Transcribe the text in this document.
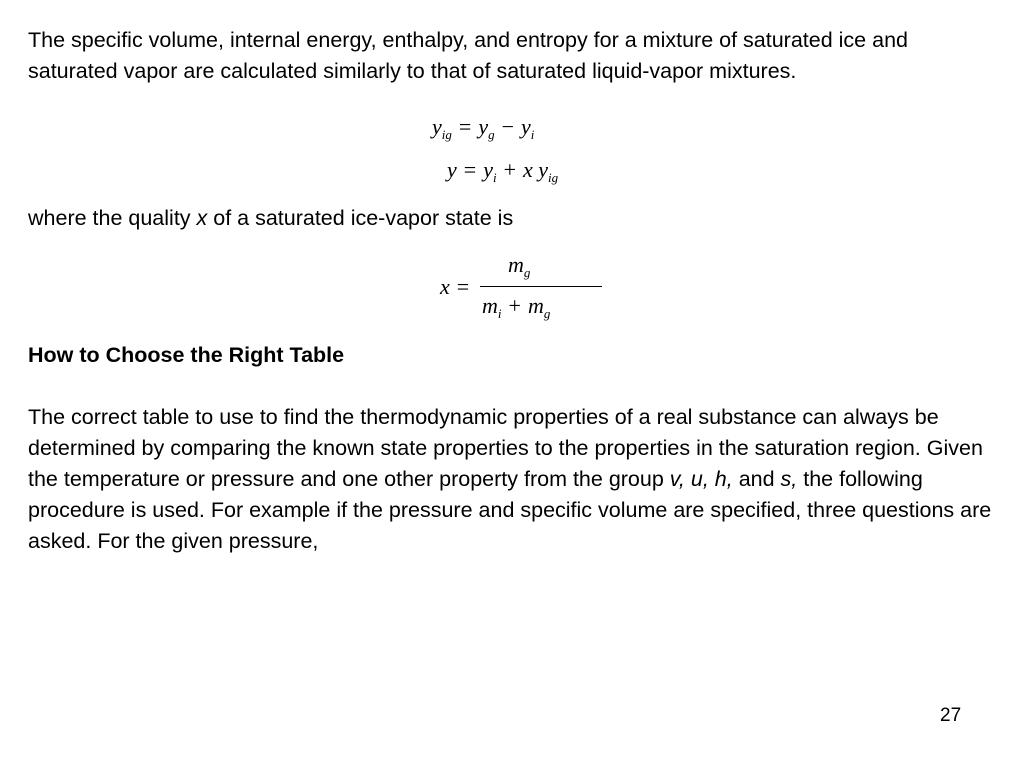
The specific volume, internal energy, enthalpy, and entropy for a mixture of saturated ice and saturated vapor are calculated similarly to that of saturated liquid-vapor mixtures.

$y_{ig} = y_g - y_i$
$y = y_i + x$ $y_{ig}$

where the quality x of a saturated ice-vapor state is

x =
$m_g$
$m_i + m_g$

How to Choose the Right Table

The correct table to use to find the thermodynamic properties of a real substance can always be determined by comparing the known state properties to the properties in the saturation region. Given the temperature or pressure and one other property from the group v, u, h, and s, the following procedure is used. For example if the pressure and specific volume are specified, three questions are asked. For the given pressure,

27
